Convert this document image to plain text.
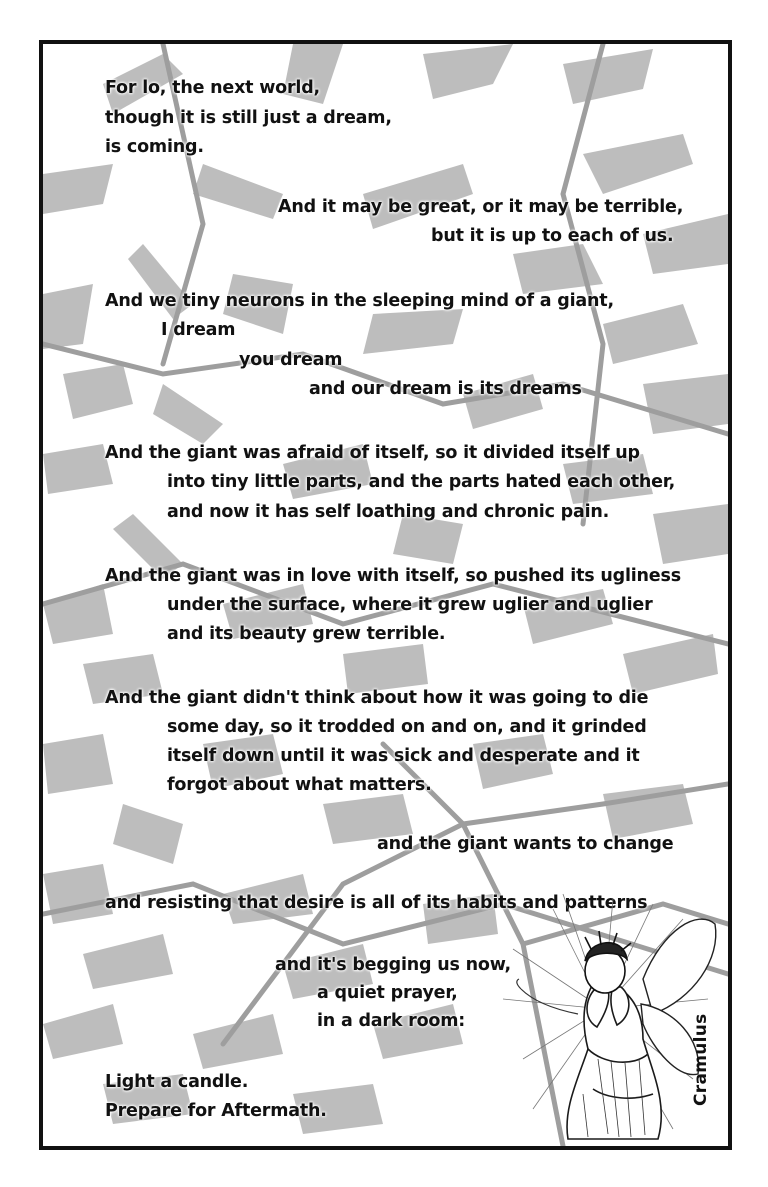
For lo, the next world,
though it is still just a dream,
is coming.
And it may be great, or it may be terrible,
but it is up to each of us.
And we tiny neurons in the sleeping mind of a giant,
I dream
you dream
and our dream is its dreams
And the giant was afraid of itself, so it divided itself up
into tiny little parts, and the parts hated each other,
and now it has self loathing and chronic pain.
And the giant was in love with itself, so pushed its ugliness
under the surface, where it grew uglier and uglier
and its beauty grew terrible.
And the giant didn't think about how it was going to die
some day, so it trodded on and on, and it grinded
itself down until it was sick and desperate and it
forgot about what matters.
and the giant wants to change
and resisting that desire is all of its habits and patterns
and it's begging us now,
a quiet prayer,
in a dark room:
Light a candle.
Prepare for Aftermath.
Cramulus
